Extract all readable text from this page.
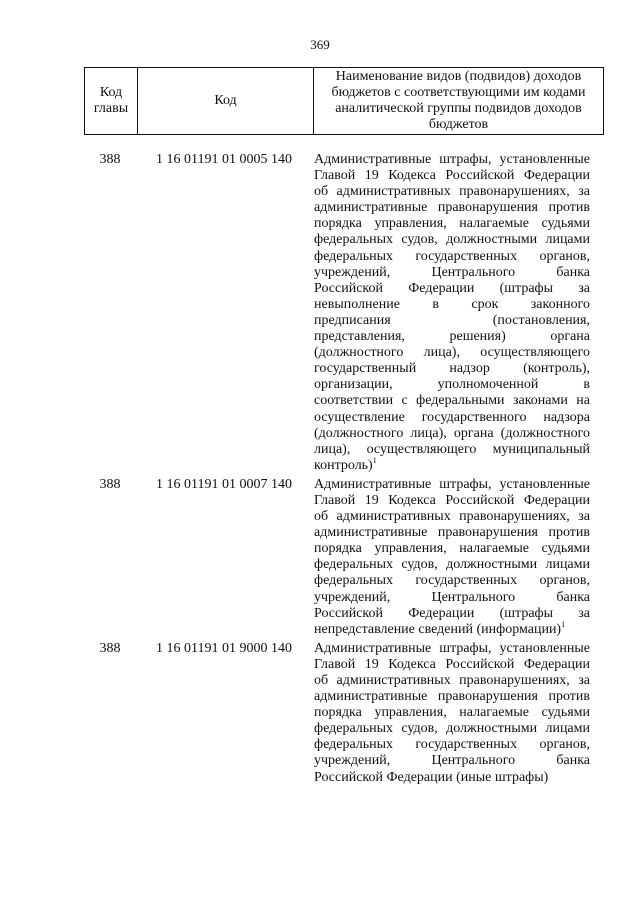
369
Код главы	Код	Наименование видов (подвидов) доходов бюджетов с соответствующими им кодами аналитической группы подвидов доходов бюджетов
388	1 16 01191 01 0005 140	Административные штрафы, установленные
Главой 19 Кодекса Российской Федерации
об административных правонарушениях, за
административные правонарушения против
порядка управления, налагаемые судьями
федеральных судов, должностными лицами
федеральных государственных органов,
учреждений, Центрального банка
Российской Федерации (штрафы за
невыполнение в срок законного
предписания (постановления,
представления, решения) органа
(должностного лица), осуществляющего
государственный надзор (контроль),
организации, уполномоченной в
соответствии с федеральными законами на
осуществление государственного надзора
(должностного лица), органа (должностного
лица), осуществляющего муниципальный
контроль)$^1$
388	1 16 01191 01 0007 140	Административные штрафы, установленные
Главой 19 Кодекса Российской Федерации
об административных правонарушениях, за
административные правонарушения против
порядка управления, налагаемые судьями
федеральных судов, должностными лицами
федеральных государственных органов,
учреждений, Центрального банка
Российской Федерации (штрафы за
непредставление сведений (информации)$^1$
388	1 16 01191 01 9000 140	Административные штрафы, установленные
Главой 19 Кодекса Российской Федерации
об административных правонарушениях, за
административные правонарушения против
порядка управления, налагаемые судьями
федеральных судов, должностными лицами
федеральных государственных органов,
учреждений, Центрального банка
Российской Федерации (иные штрафы)
